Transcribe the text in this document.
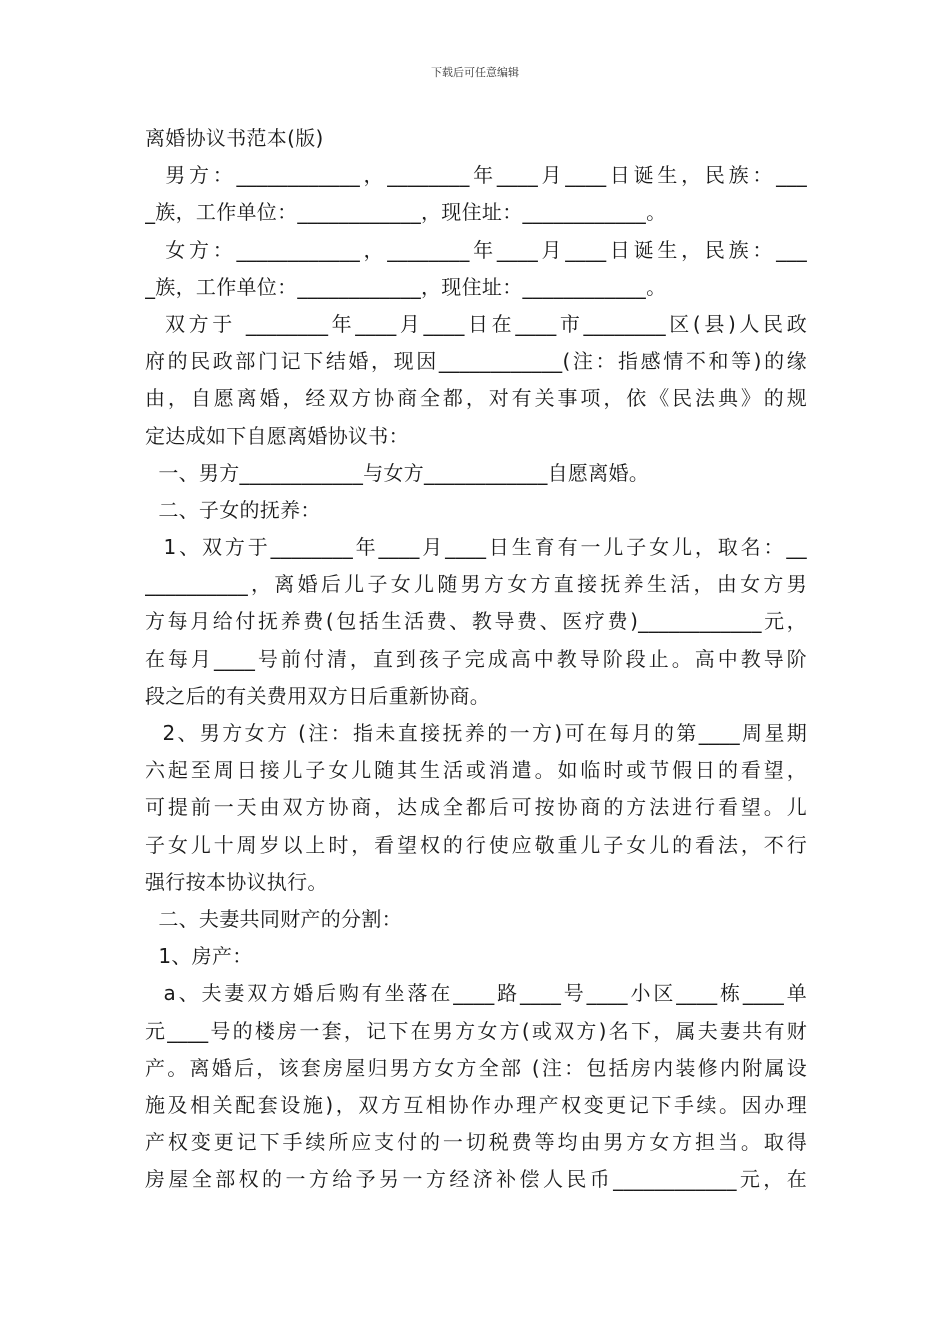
下载后可任意编辑
离婚协议书范本(版)
男方：____________，________年____月____日诞生，民族：___
_族，工作单位：____________，现住址：____________。
女方：____________，________年____月____日诞生，民族：___
_族，工作单位：____________，现住址：____________。
双方于 ________年____月____日在____市________区(县)人民政
府的民政部门记下结婚，现因____________(注：指感情不和等)的缘
由，自愿离婚，经双方协商全都，对有关事项，依《民法典》的规
定达成如下自愿离婚协议书：
一、男方____________与女方____________自愿离婚。
二、子女的抚养：
1、双方于________年____月____日生育有一儿子女儿，取名：__
__________，离婚后儿子女儿随男方女方直接抚养生活，由女方男
方每月给付抚养费(包括生活费、教导费、医疗费)____________元，
在每月____号前付清，直到孩子完成高中教导阶段止。高中教导阶
段之后的有关费用双方日后重新协商。
2、男方女方 (注：指未直接抚养的一方)可在每月的第____周星期
六起至周日接儿子女儿随其生活或消遣。如临时或节假日的看望，
可提前一天由双方协商，达成全都后可按协商的方法进行看望。儿
子女儿十周岁以上时，看望权的行使应敬重儿子女儿的看法，不行
强行按本协议执行。
二、夫妻共同财产的分割：
1、房产：
a、夫妻双方婚后购有坐落在____路____号____小区____栋____单
元____号的楼房一套，记下在男方女方(或双方)名下，属夫妻共有财
产。离婚后，该套房屋归男方女方全部 (注：包括房内装修内附属设
施及相关配套设施)，双方互相协作办理产权变更记下手续。因办理
产权变更记下手续所应支付的一切税费等均由男方女方担当。取得
房屋全部权的一方给予另一方经济补偿人民币____________元，在
